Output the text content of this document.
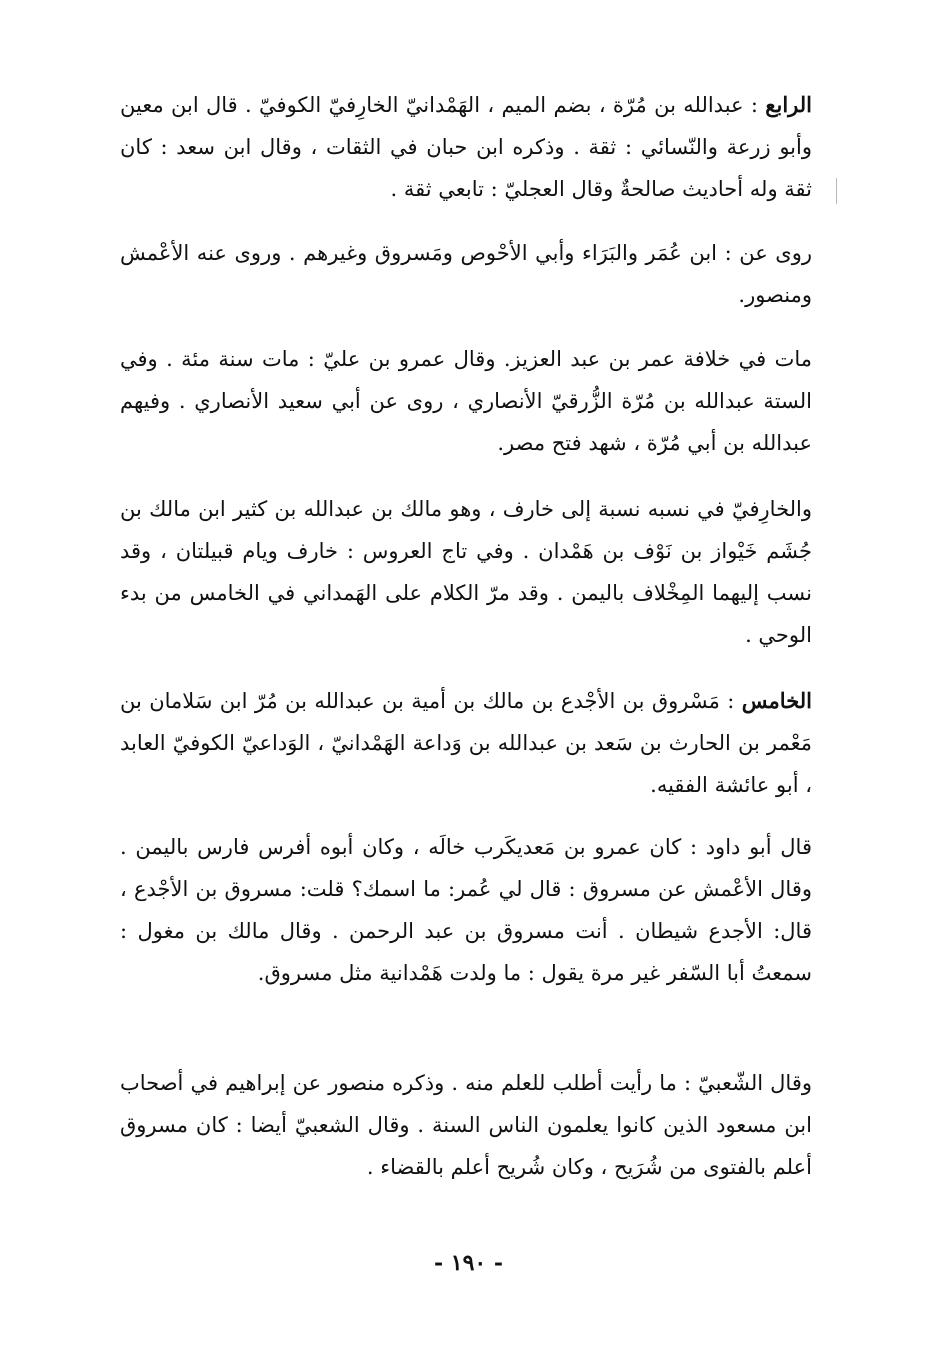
الرابع : عبدالله بن مُرّة ، بضم الميم ، الهَمْدانيّ الخارِفيّ الكوفيّ . قال ابن معين وأبو زرعة والنّسائي : ثقة . وذكره ابن حبان في الثقات ، وقال ابن سعد : كان ثقة وله أحاديث صالحةٌ وقال العجليّ : تابعي ثقة .

روى عن : ابن عُمَر والبَرَاء وأبي الأحْوص ومَسروق وغيرهم . وروى عنه الأعْمش ومنصور.

مات في خلافة عمر بن عبد العزيز. وقال عمرو بن عليّ : مات سنة مئة . وفي الستة عبدالله بن مُرّة الزُّرقيّ الأنصاري ، روى عن أبي سعيد الأنصاري . وفيهم عبدالله بن أبي مُرّة ، شهد فتح مصر.

والخارِفيّ في نسبه نسبة إلى خارف ، وهو مالك بن عبدالله بن كثير ابن مالك بن جُشَم خَيْواز بن نَوْف بن هَمْدان . وفي تاج العروس : خارف ويام قبيلتان ، وقد نسب إليهما المِخْلاف باليمن . وقد مرّ الكلام على الهَمداني في الخامس من بدء الوحي .

الخامس : مَسْروق بن الأجْدع بن مالك بن أمية بن عبدالله بن مُرّ ابن سَلامان بن مَعْمر بن الحارث بن سَعد بن عبدالله بن وَداعة الهَمْدانيّ ، الوَداعيّ الكوفيّ العابد ، أبو عائشة الفقيه.

قال أبو داود : كان عمرو بن مَعديكَرب خالَه ، وكان أبوه أفرس فارس باليمن . وقال الأعْمش عن مسروق : قال لي عُمر: ما اسمك؟ قلت: مسروق بن الأجْدع ، قال: الأجدع شيطان . أنت مسروق بن عبد الرحمن . وقال مالك بن مغول : سمعتُ أبا السّفر غير مرة يقول : ما ولدت هَمْدانية مثل مسروق.

وقال الشّعبيّ : ما رأيت أطلب للعلم منه . وذكره منصور عن إبراهيم في أصحاب ابن مسعود الذين كانوا يعلمون الناس السنة . وقال الشعبيّ أيضا : كان مسروق أعلم بالفتوى من شُرَيح ، وكان شُريح أعلم بالقضاء .

- ١٩٠ -
